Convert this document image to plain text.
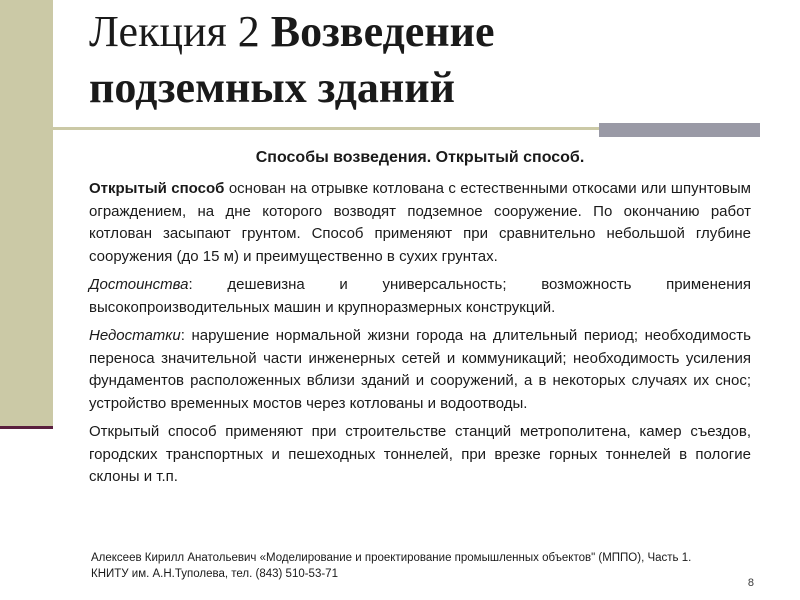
Лекция 2 Возведение
подземных зданий
Способы возведения. Открытый способ.

Открытый способ основан на отрывке котлована с естественными откосами или шпунтовым ограждением, на дне которого возводят подземное сооружение. По окончанию работ котлован засыпают грунтом. Способ применяют при сравнительно небольшой глубине сооружения (до 15 м) и преимущественно в сухих грунтах.

Достоинства: дешевизна и универсальность; возможность применения высокопроизводительных машин и крупноразмерных конструкций.

Недостатки: нарушение нормальной жизни города на длительный период; необходимость переноса значительной части инженерных сетей и коммуникаций; необходимость усиления фундаментов расположенных вблизи зданий и сооружений, а в некоторых случаях их снос; устройство временных мостов через котлованы и водоотводы.

Открытый способ применяют при строительстве станций метрополитена, камер съездов, городских транспортных и пешеходных тоннелей, при врезке горных тоннелей в пологие склоны и т.п.

Алексеев Кирилл Анатольевич «Моделирование и проектирование промышленных объектов" (МППО), Часть 1.
КНИТУ им. А.Н.Туполева, тел. (843) 510-53-71
8
